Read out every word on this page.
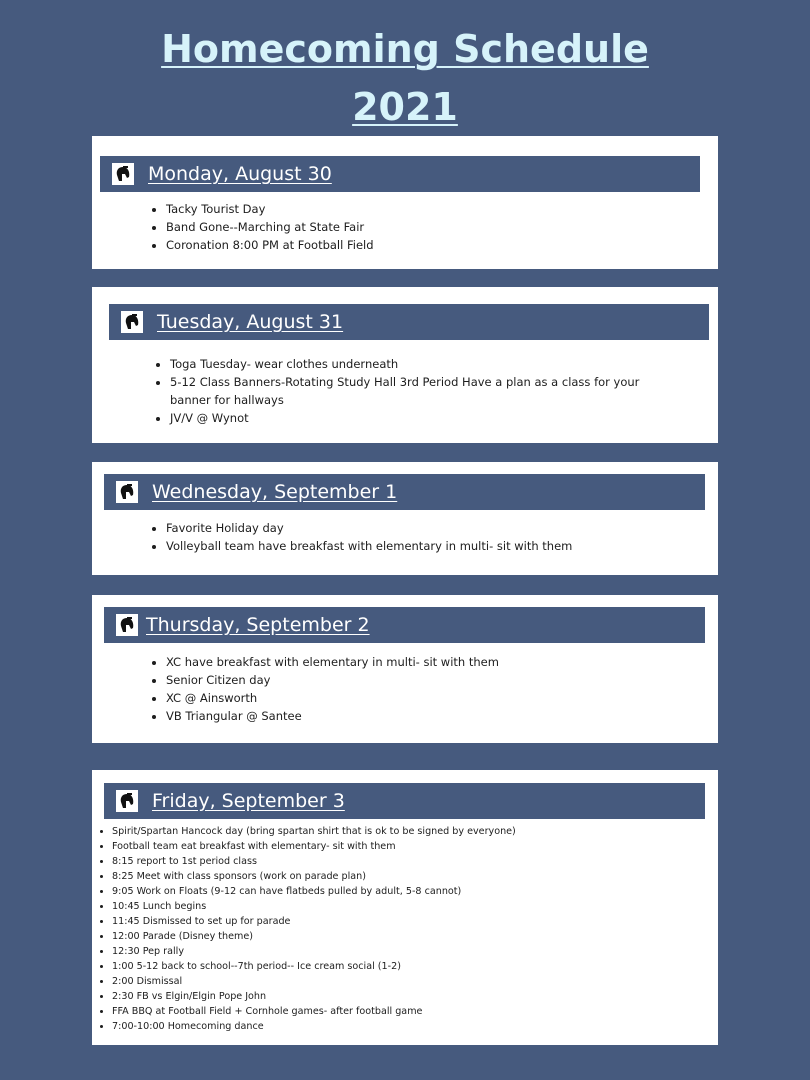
Homecoming Schedule
2021
Monday, August 30
• Tacky Tourist Day
• Band Gone--Marching at State Fair
• Coronation 8:00 PM at Football Field
Tuesday, August 31
• Toga Tuesday- wear clothes underneath
• 5-12 Class Banners-Rotating Study Hall 3rd Period Have a plan as a class for your banner for hallways
• JV/V @ Wynot
Wednesday, September 1
• Favorite Holiday day
• Volleyball team have breakfast with elementary in multi- sit with them
Thursday, September 2
• XC have breakfast with elementary in multi- sit with them
• Senior Citizen day
• XC @ Ainsworth
• VB Triangular @ Santee
Friday, September 3
• Spirit/Spartan Hancock day (bring spartan shirt that is ok to be signed by everyone)
• Football team eat breakfast with elementary- sit with them
• 8:15 report to 1st period class
• 8:25 Meet with class sponsors (work on parade plan)
• 9:05 Work on Floats (9-12 can have flatbeds pulled by adult, 5-8 cannot)
• 10:45 Lunch begins
• 11:45 Dismissed to set up for parade
• 12:00 Parade (Disney theme)
• 12:30 Pep rally
• 1:00 5-12 back to school--7th period-- Ice cream social (1-2)
• 2:00 Dismissal
• 2:30 FB vs Elgin/Elgin Pope John
• FFA BBQ at Football Field + Cornhole games- after football game
• 7:00-10:00 Homecoming dance
